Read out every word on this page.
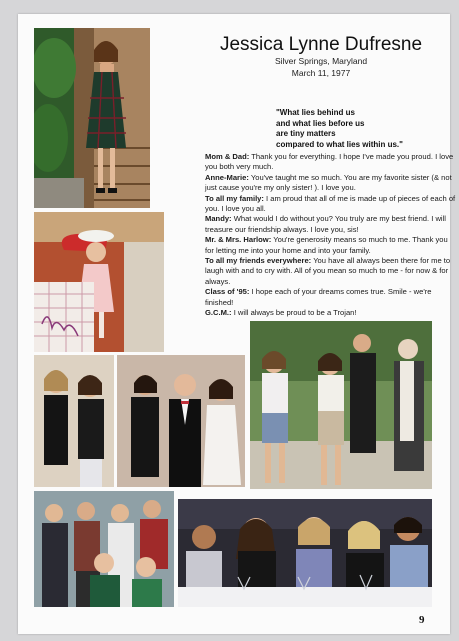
Jessica Lynne Dufresne
Silver Springs, Maryland
March 11, 1977
"What lies behind us
and what lies before us
are tiny matters
compared to what lies within us."

Mom & Dad: Thank you for everything. I hope I've made you proud. I love you both very much.

Anne-Marie: You've taught me so much. You are my favorite sister (& not just cause you're my only sister! ). I love you.

To all my family: I am proud that all of me is made up of pieces of each of you. I love you all.

Mandy: What would I do without you? You truly are my best friend. I will treasure our friendship always. I love you, sis!

Mr. & Mrs. Harlow: You're generosity means so much to me. Thank you for letting me into your home and into your family.

To all my friends everywhere: You have all always been there for me to laugh with and to cry with. All of you mean so much to me - for now & for always.

Class of '95: I hope each of your dreams comes true. Smile - we're finished!

G.C.M.: I will always be proud to be a Trojan!

9
